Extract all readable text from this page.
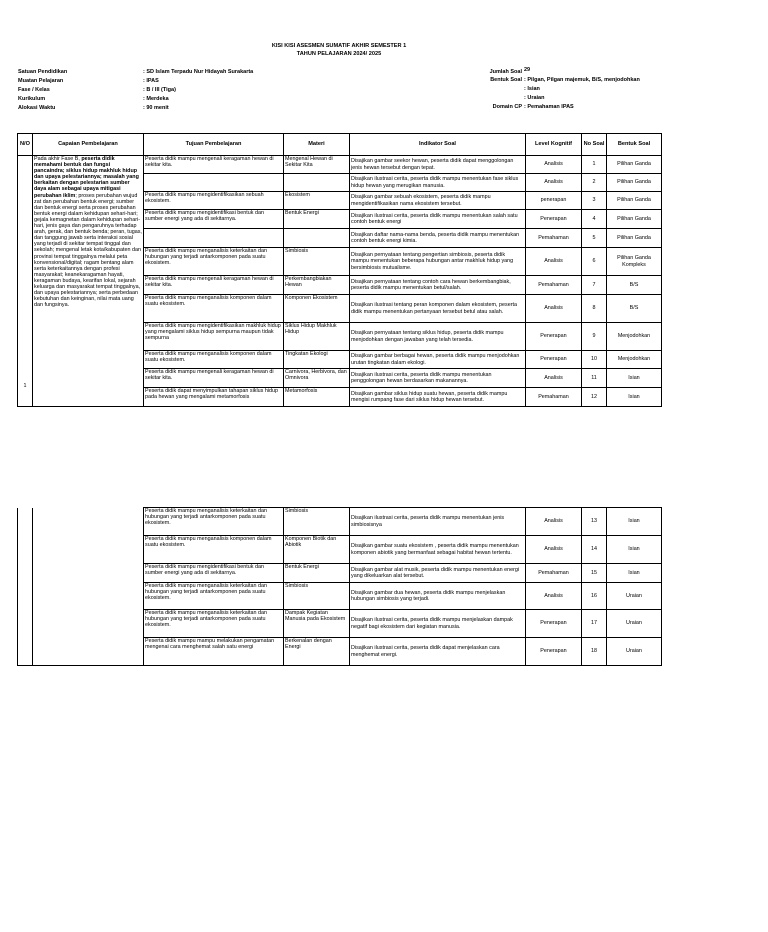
KISI KISI ASESMEN SUMATIF AKHIR SEMESTER 1
TAHUN PELAJARAN 2024/ 2025
Satuan Pendidikan	: SD Islam Terpadu Nur Hidayah Surakarta
Muatan Pelajaran	: IPAS
Fase / Kelas	: B / III (Tiga)
Kurikulum	: Merdeka
Alokasi Waktu	: 90 menit
Jumlah Soal 29
Bentuk Soal : Pilgan, Pilgan majemuk, B/S, menjodohkan
: Isian
: Uraian
Domain CP : Pemahaman IPAS
N/O	Capaian Pembelajaran	Tujuan Pembelajaran	Materi	Indikator Soal	Level Kognitif	No Soal	Bentuk Soal

1	Pada akhir Fase B, peserta didik memahami bentuk dan fungsi pancaindra; siklus hidup makhluk hidup dan upaya pelestariannya; masalah yang berkaitan dengan pelestarian sumber daya alam sebagai upaya mitigasi perubahan iklim; proses perubahan wujud zat dan perubahan bentuk energi; sumber dan bentuk energi serta proses perubahan bentuk energi dalam kehidupan sehari-hari; gejala kemagnetan dalam kehidupan sehari-hari, jenis gaya dan pengaruhnya terhadap arah, gerak, dan bentuk benda; peran, tugas, dan tanggung jawab serta interaksi sosial yang terjadi di sekitar tempat tinggal dan sekolah; mengenal letak kota/kabupaten dan provinsi tempat tinggalnya melalui peta konvensional/digital; ragam bentang alam serta keterkaitannya dengan profesi masyarakat; keanekaragaman hayati, keragaman budaya, kearifan lokal, sejarah keluarga dan masyarakat tempat tinggalnya, dan upaya pelestariannya; serta perbedaan kebutuhan dan keinginan, nilai mata uang dan fungsinya.	Peserta didik mampu mengenali keragaman hewan di sekitar kita.	Mengenal Hewan di Sekitar Kita	Disajikan gambar seekor hewan, peserta didik dapat menggolongan jenis hewan tersebut dengan tepat.	Analisis	1	Pilihan Ganda
				Disajikan ilustrasi cerita, peserta didik mampu menentukan fase siklus hidup hewan yang merugikan manusia.	Analisis	2	Pilihan Ganda
		Peserta didik mampu mengidentifikasikan sebuah ekosistem.	Ekosistem	Disajikan gambar sebuah ekosistem, peserta didik mampu mengidentifikasikan nama ekosistem tersebut.	penerapan	3	Pilihan Ganda
		Peserta didik mampu mengidentifikasi bentuk dan sumber energi yang ada di sekitarnya.	Bentuk Energi	Disajikan ilustrasi cerita, peserta didik mampu menentukan salah satu contoh bentuk energi	Penerapan	4	Pilihan Ganda
				Disajikan daftar nama-nama benda, peserta didik mampu menentukan contoh bentuk energi kimia.	Pemahaman	5	Pilihan Ganda
		Peserta didik mampu menganalisis keterkaitan dan hubungan yang terjadi antarkomponen pada suatu ekosistem.	Simbiosis	Disajikan pernyataan tentang pengertian simbiosis, peserta didik mampu menentukan beberapa hubungan antar makhluk hidup yang bersimbiosis mutualisme.	Analisis	6	Pilihan Ganda Kompleks
		Peserta didik mampu mengenali keragaman hewan di sekitar kita.	Perkembangbiakan Hewan	Disajikan pernyataan tentang contoh cara hewan berkembangbiak, peserta didik mampu menentukan betul/salah.	Pemahaman	7	B/S
		Peserta didik mampu menganalisis komponen dalam suatu ekosistem.	Komponen Ekosistem	Disajikan ilustrasi tentang peran komponen dalam ekosistem, peserta didik mampu menentukan pertanyaan tersebut betul atau salah.	Analisis	8	B/S
		Peserta didik mampu mengidentifikasikan makhluk hidup yang mengalami siklus hidup sempurna maupun tidak sempurna	Siklus Hidup Makhluk Hidup	Disajikan pernyataan tentang siklus hidup, peserta didik mampu menjodohkan dengan jawaban yang telah tersedia.	Penerapan	9	Menjodohkan
		Peserta didik mampu menganalisis komponen dalam suatu ekosistem.	Tingkatan Ekologi	Disajikan gambar berbagai hewan, peserta didik mampu menjodohkan urutan tingkatan dalam ekologi.	Penerapan	10	Menjodohkan
		Peserta didik mampu mengenali keragaman hewan di sekitar kita.	Carnivora, Herbivora, dan Omnivora	Disajikan ilustrasi cerita, peserta didik mampu menentukan penggolongan hewan berdasarkan makanannya.	Analisis	11	Isian
		Peserta didik dapat menyimpulkan tahapan siklus hidup pada hewan yang mengalami metamorfosis	Metamorfosis	Disajikan gambar siklus hidup suatu hewan, peserta didik mampu mengisi rumpang fase dari siklus hidup hewan tersebut.	Pemahaman	12	Isian
		Peserta didik mampu menganalisis keterkaitan dan hubungan yang terjadi antarkomponen pada suatu ekosistem.	Simbiosis	Disajikan ilustrasi cerita, peserta didik mampu menentukan jenis simbiosisnya	Analisis	13	Isian
		Peserta didik mampu menganalisis komponen dalam suatu ekosistem.	Komponen Biotik dan Abiotik	Disajikan gambar suatu ekosistem , peserta didik mampu menentukan komponen abiotik yang bermanfaat sebagai habitat hewan tertentu.	Analisis	14	Isian
		Peserta didik mampu mengidentifikasi bentuk dan sumber energi yang ada di sekitarnya.	Bentuk Energi	Disajikan gambar alat musik, peserta didik mampu menentukan energi yang dikeluarkan alat tersebut.	Pemahaman	15	Isian
		Peserta didik mampu menganalisis keterkaitan dan hubungan yang terjadi antarkomponen pada suatu ekosistem.	Simbiosis	Disajikan gambar dua hewan, peserta didik mampu menjelaskan hubungan simbiosis yang terjadi.	Analisis	16	Uraian
		Peserta didik mampu menganalisis keterkaitan dan hubungan yang terjadi antarkomponen pada suatu ekosistem.	Dampak Kegiatan Manusia pada Ekosistem	Disajikan ilustrasi cerita, peserta didik mampu menjelaskan dampak negatif bagi ekosistem dari kegiatan manusia.	Penerapan	17	Uraian
		Peserta didik mampu mampu melakukan pengamatan mengenai cara menghemat salah satu energi	Berkenalan dengan Energi	Disajikan ilustrasi cerita, peserta didik dapat menjelaskan cara menghemat energi.	Penerapan	18	Uraian
